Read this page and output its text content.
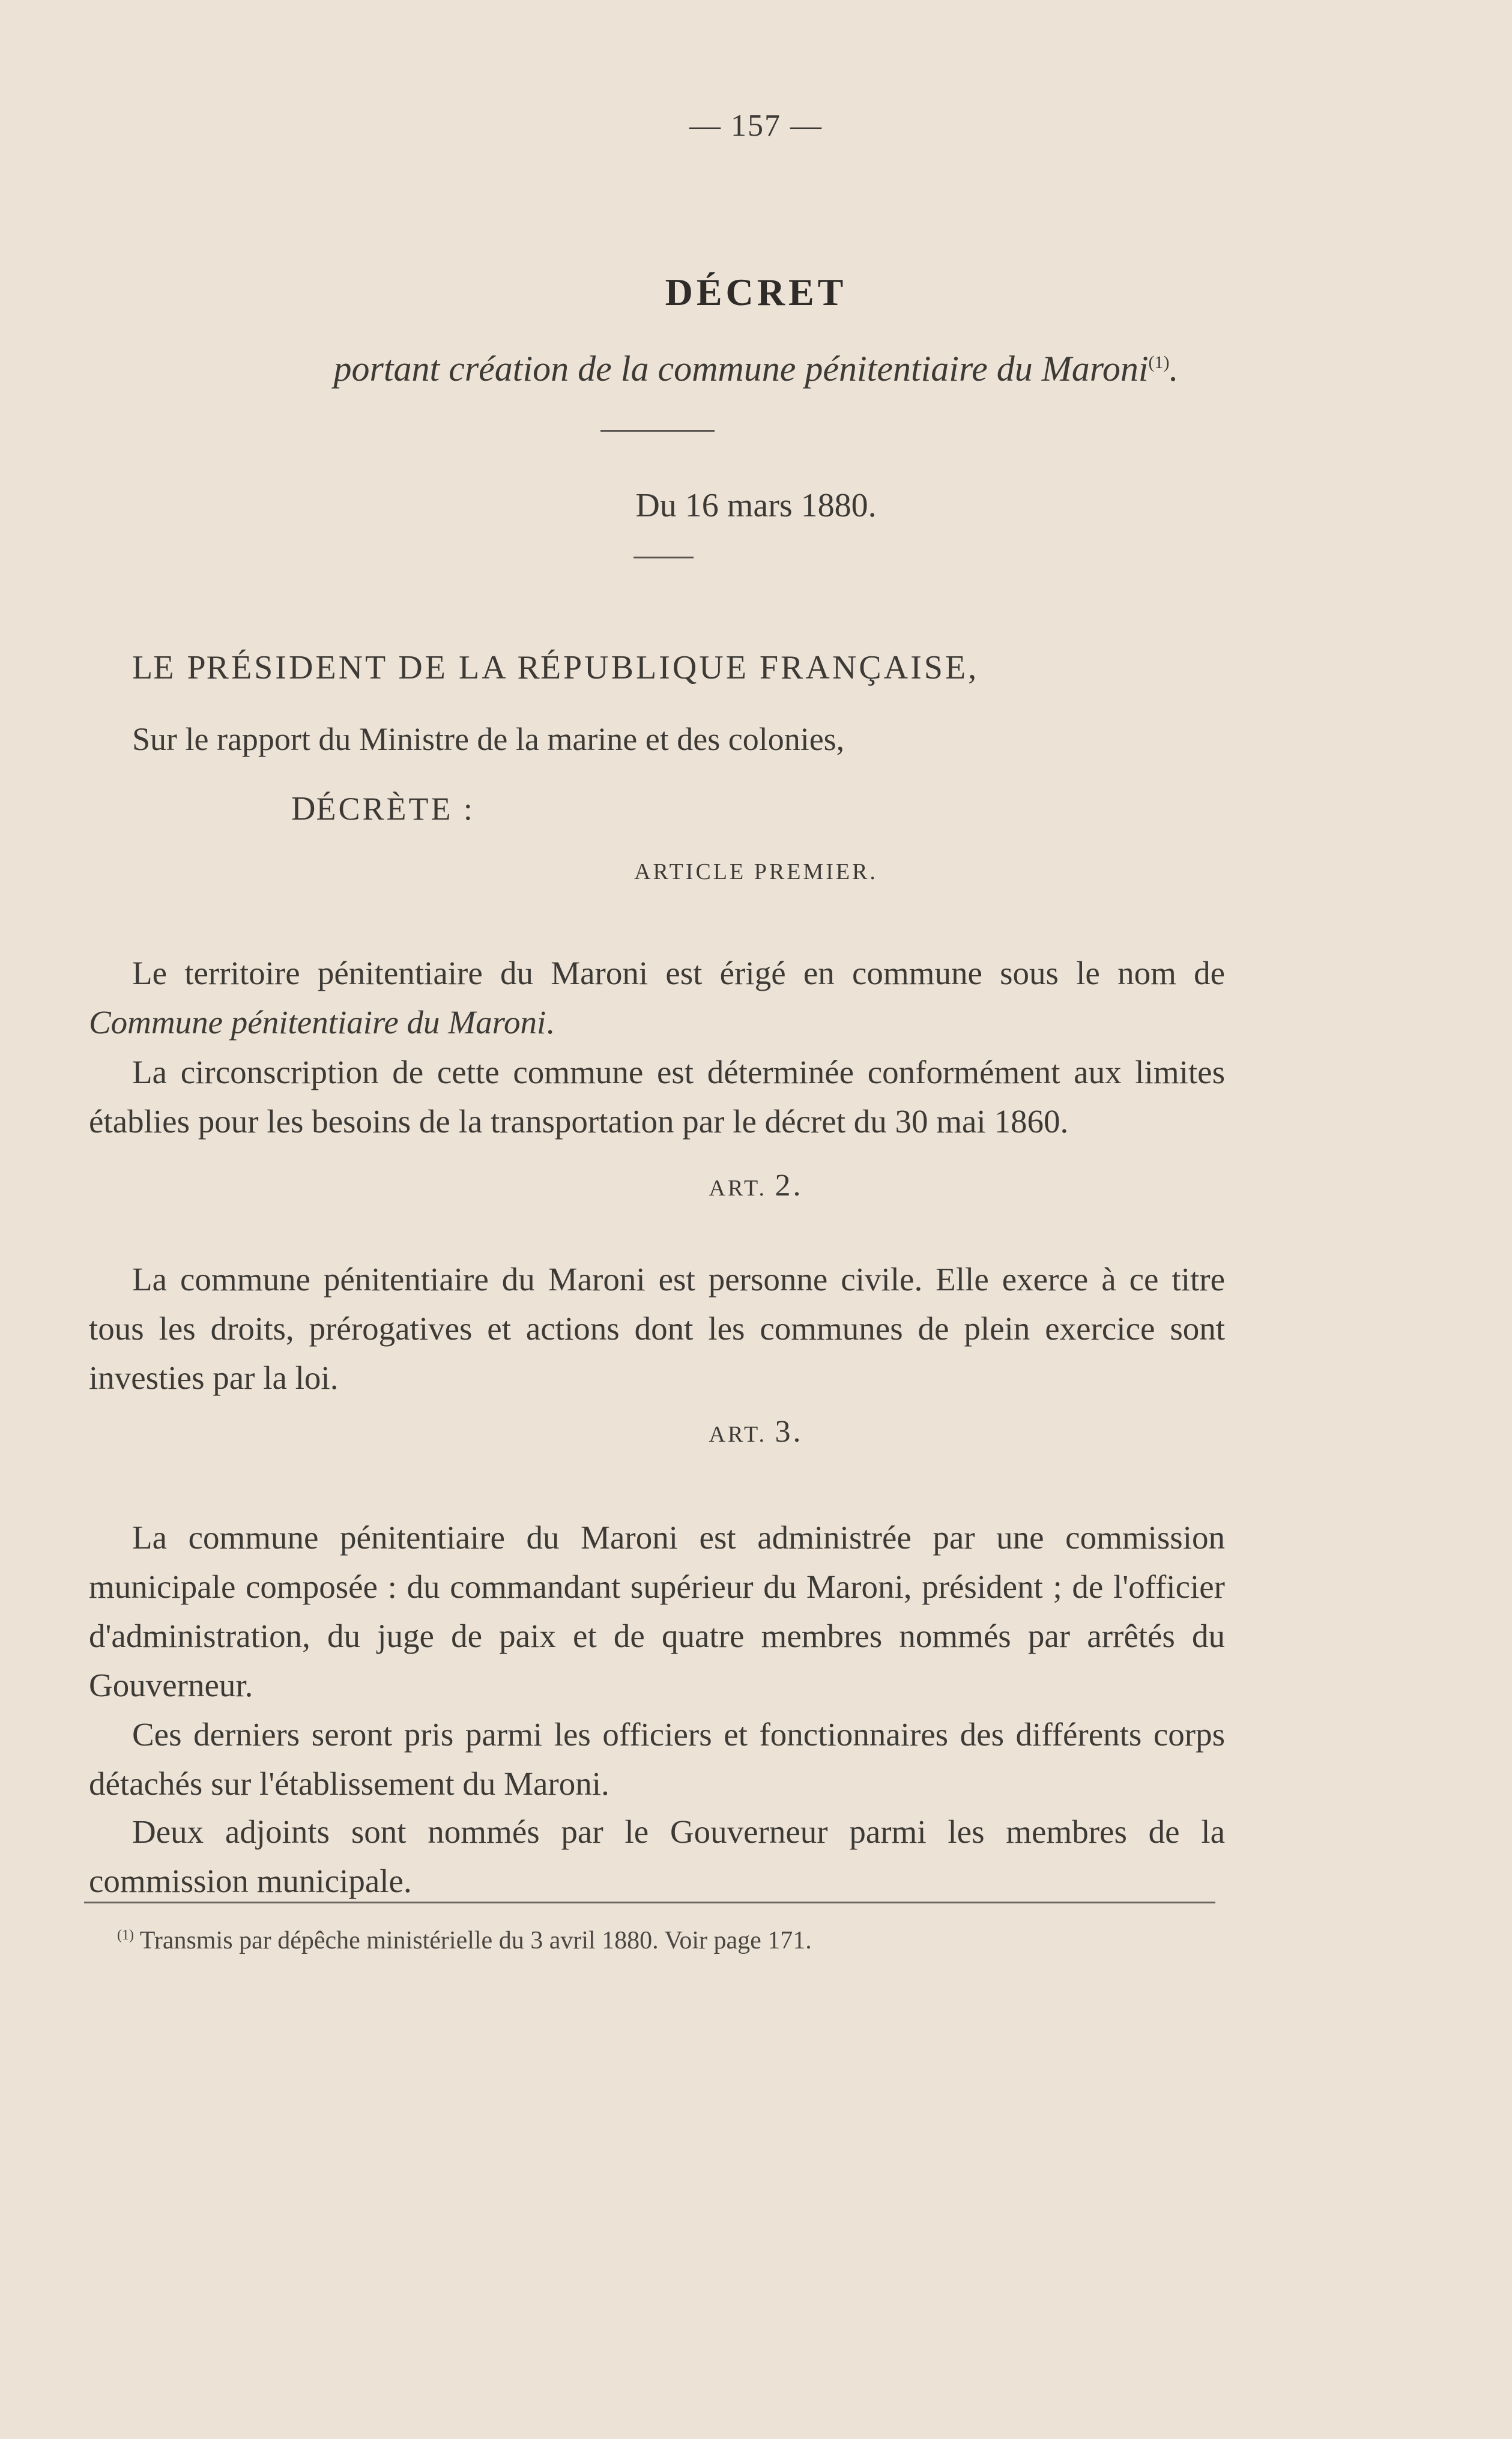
— 157 —
DÉCRET
portant création de la commune pénitentiaire du Maroni$^{(1)}$.
Du 16 mars 1880.
LE PRÉSIDENT DE LA RÉPUBLIQUE FRANÇAISE,
Sur le rapport du Ministre de la marine et des colonies,
DÉCRÈTE :
ARTICLE PREMIER.

Le territoire pénitentiaire du Maroni est érigé en commune sous le nom de Commune pénitentiaire du Maroni.

La circonscription de cette commune est déterminée conformément aux limites établies pour les besoins de la transportation par le décret du 30 mai 1860.

ART. 2.

La commune pénitentiaire du Maroni est personne civile. Elle exerce à ce titre tous les droits, prérogatives et actions dont les communes de plein exercice sont investies par la loi.

ART. 3.

La commune pénitentiaire du Maroni est administrée par une commission municipale composée : du commandant supérieur du Maroni, président ; de l'officier d'administration, du juge de paix et de quatre membres nommés par arrêtés du Gouverneur.

Ces derniers seront pris parmi les officiers et fonctionnaires des différents corps détachés sur l'établissement du Maroni.

Deux adjoints sont nommés par le Gouverneur parmi les membres de la commission municipale.

$^{(1)}$ Transmis par dépêche ministérielle du 3 avril 1880. Voir page 171.
